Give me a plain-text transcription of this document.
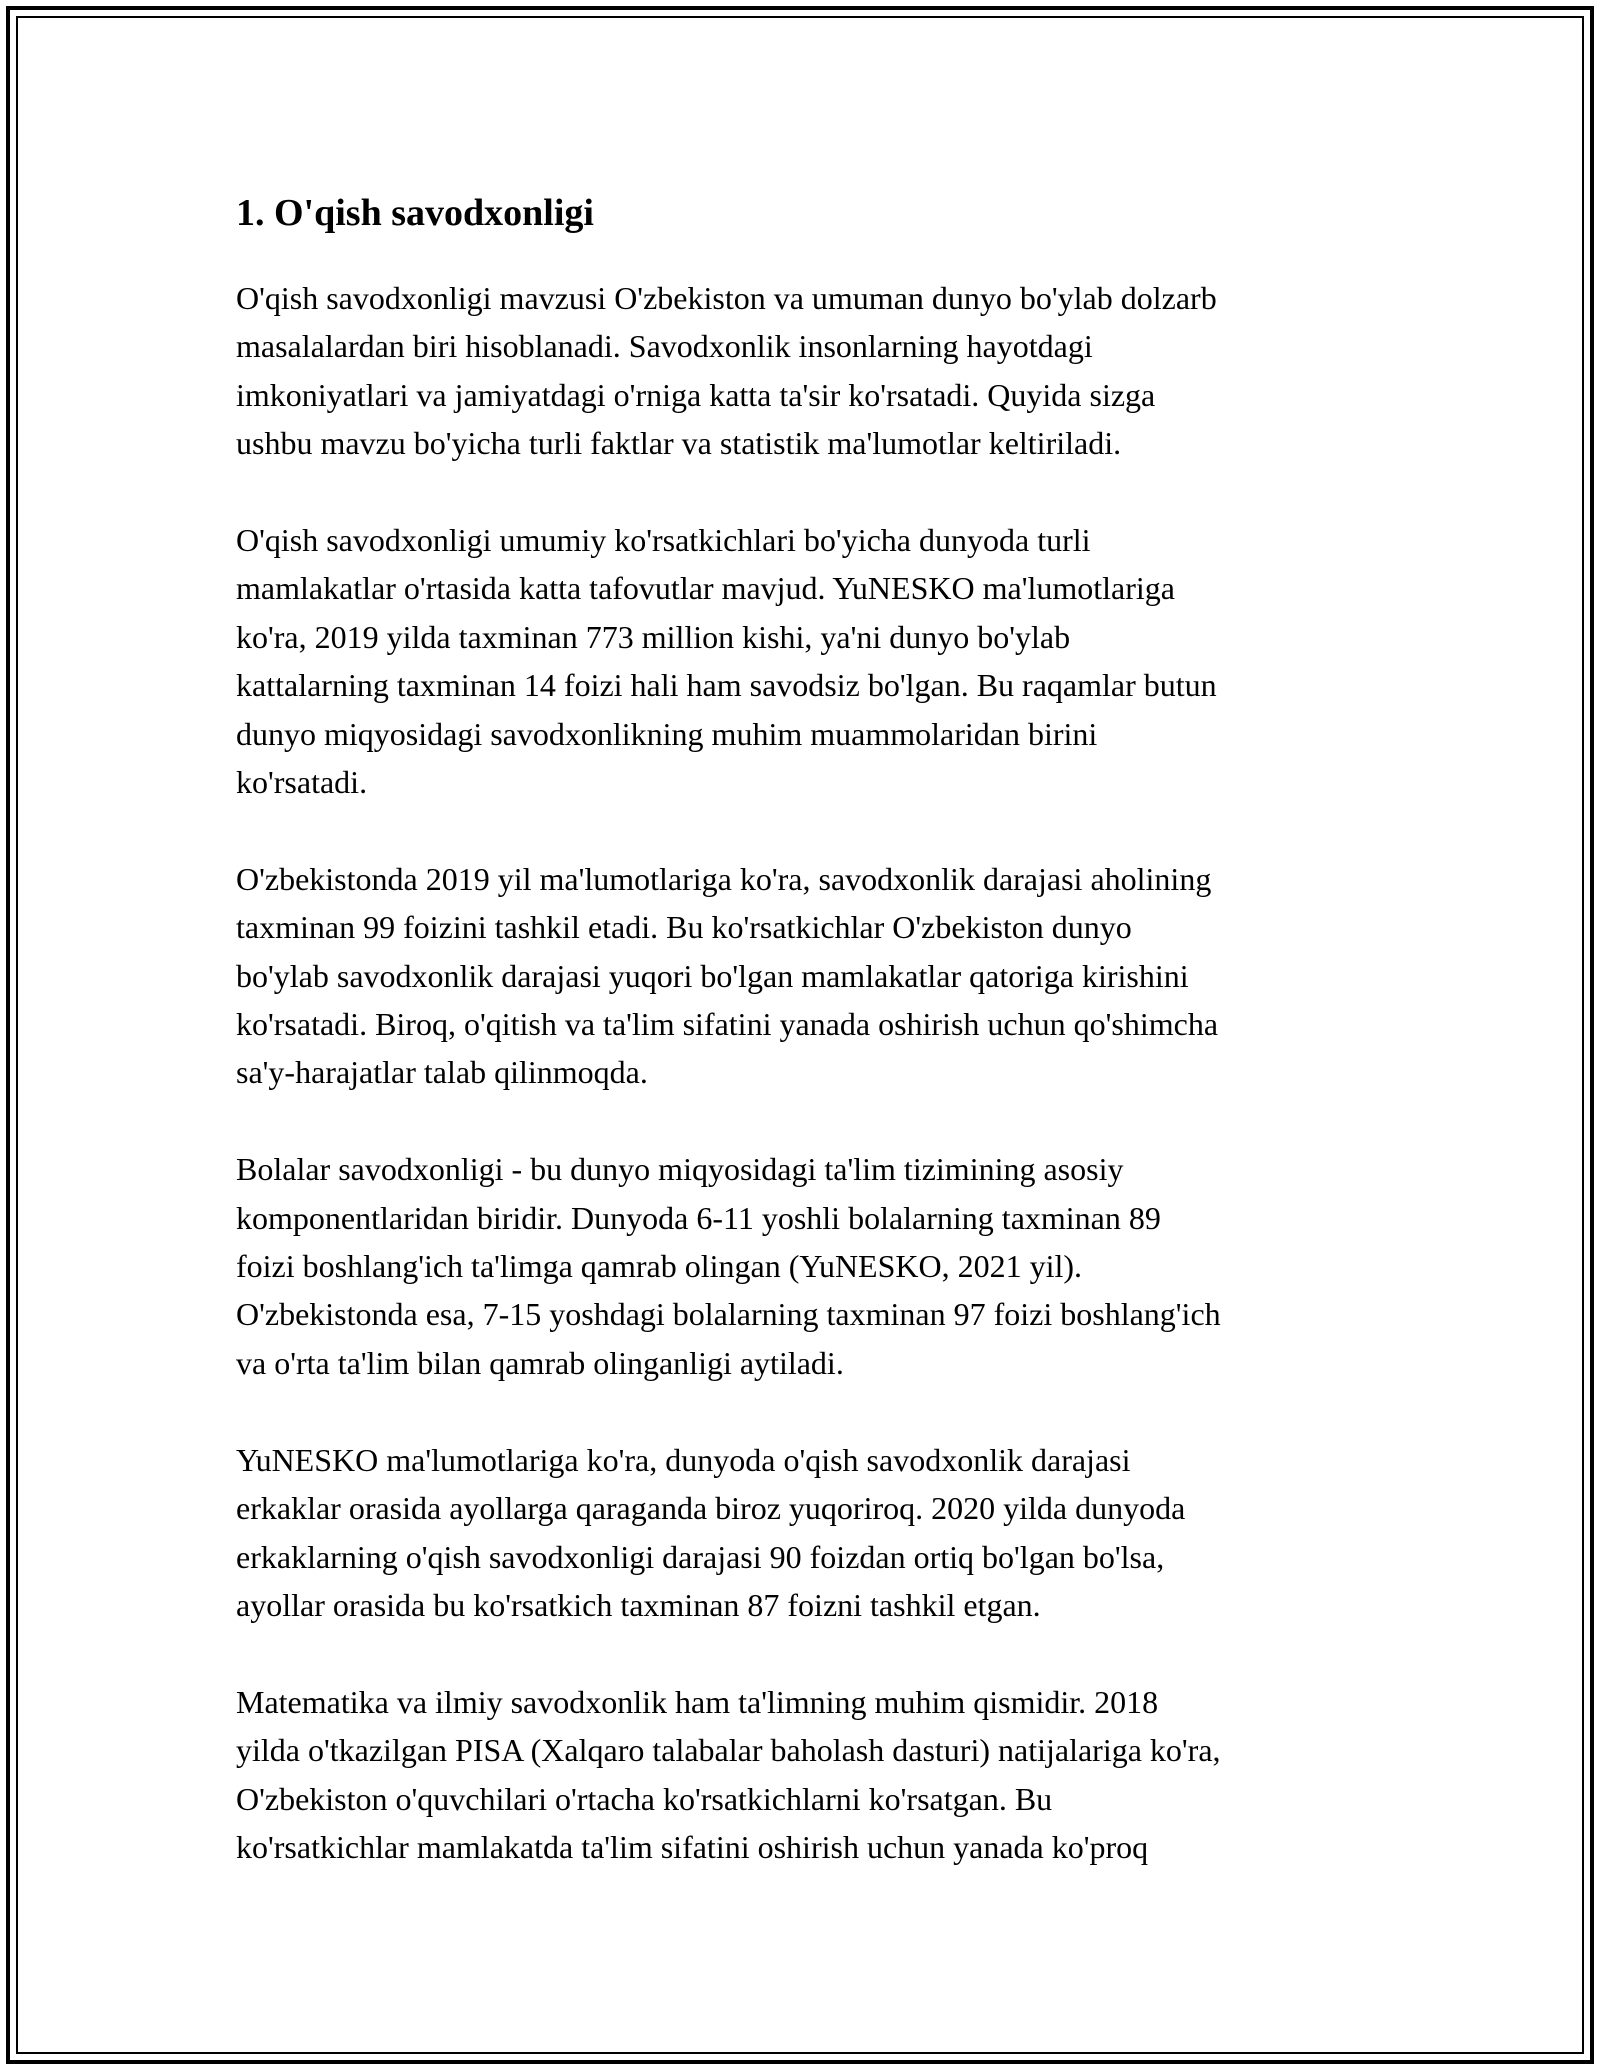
1. O'qish savodxonligi

O'qish savodxonligi mavzusi O'zbekiston va umuman dunyo bo'ylab dolzarb
masalalardan biri hisoblanadi. Savodxonlik insonlarning hayotdagi
imkoniyatlari va jamiyatdagi o'rniga katta ta'sir ko'rsatadi. Quyida sizga
ushbu mavzu bo'yicha turli faktlar va statistik ma'lumotlar keltiriladi.

O'qish savodxonligi umumiy ko'rsatkichlari bo'yicha dunyoda turli
mamlakatlar o'rtasida katta tafovutlar mavjud. YuNESKO ma'lumotlariga
ko'ra, 2019 yilda taxminan 773 million kishi, ya'ni dunyo bo'ylab
kattalarning taxminan 14 foizi hali ham savodsiz bo'lgan. Bu raqamlar butun
dunyo miqyosidagi savodxonlikning muhim muammolaridan birini
ko'rsatadi.

O'zbekistonda 2019 yil ma'lumotlariga ko'ra, savodxonlik darajasi aholining
taxminan 99 foizini tashkil etadi. Bu ko'rsatkichlar O'zbekiston dunyo
bo'ylab savodxonlik darajasi yuqori bo'lgan mamlakatlar qatoriga kirishini
ko'rsatadi. Biroq, o'qitish va ta'lim sifatini yanada oshirish uchun qo'shimcha
sa'y-harajatlar talab qilinmoqda.

Bolalar savodxonligi - bu dunyo miqyosidagi ta'lim tizimining asosiy
komponentlaridan biridir. Dunyoda 6-11 yoshli bolalarning taxminan 89
foizi boshlang'ich ta'limga qamrab olingan (YuNESKO, 2021 yil).
O'zbekistonda esa, 7-15 yoshdagi bolalarning taxminan 97 foizi boshlang'ich
va o'rta ta'lim bilan qamrab olinganligi aytiladi.

YuNESKO ma'lumotlariga ko'ra, dunyoda o'qish savodxonlik darajasi
erkaklar orasida ayollarga qaraganda biroz yuqoriroq. 2020 yilda dunyoda
erkaklarning o'qish savodxonligi darajasi 90 foizdan ortiq bo'lgan bo'lsa,
ayollar orasida bu ko'rsatkich taxminan 87 foizni tashkil etgan.

Matematika va ilmiy savodxonlik ham ta'limning muhim qismidir. 2018
yilda o'tkazilgan PISA (Xalqaro talabalar baholash dasturi) natijalariga ko'ra,
O'zbekiston o'quvchilari o'rtacha ko'rsatkichlarni ko'rsatgan. Bu
ko'rsatkichlar mamlakatda ta'lim sifatini oshirish uchun yanada ko'proq
